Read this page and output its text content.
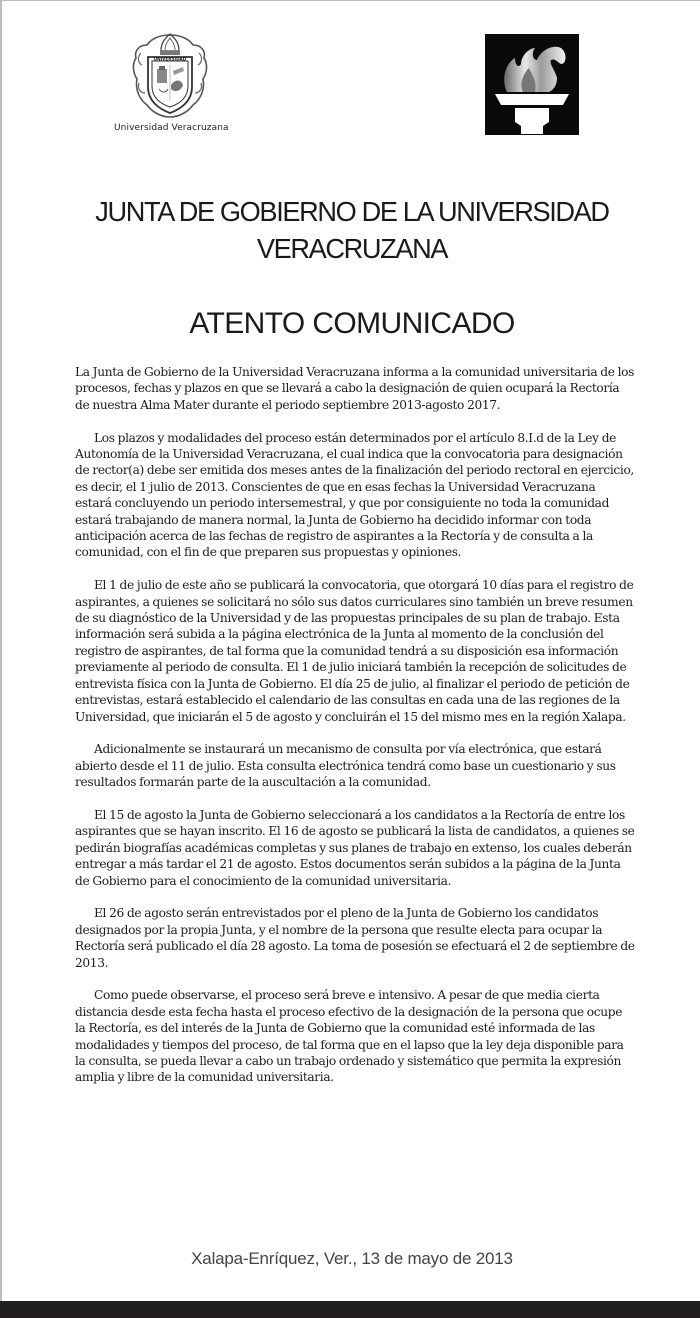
UNIVERSIDAD
Universidad Veracruzana
JUNTA DE GOBIERNO DE LA UNIVERSIDAD
VERACRUZANA
ATENTO COMUNICADO

La Junta de Gobierno de la Universidad Veracruzana informa a la comunidad universitaria de los procesos, fechas y plazos en que se llevará a cabo la designación de quien ocupará la Rectoría de nuestra Alma Mater durante el periodo septiembre 2013-agosto 2017.

Los plazos y modalidades del proceso están determinados por el artículo 8.I.d de la Ley de Autonomía de la Universidad Veracruzana, el cual indica que la convocatoria para designación de rector(a) debe ser emitida dos meses antes de la finalización del periodo rectoral en ejercicio, es decir, el 1 julio de 2013. Conscientes de que en esas fechas la Universidad Veracruzana estará concluyendo un periodo intersemestral, y que por consiguiente no toda la comunidad estará trabajando de manera normal, la Junta de Gobierno ha decidido informar con toda anticipación acerca de las fechas de registro de aspirantes a la Rectoría y de consulta a la comunidad, con el fin de que preparen sus propuestas y opiniones.

El 1 de julio de este año se publicará la convocatoria, que otorgará 10 días para el registro de aspirantes, a quienes se solicitará no sólo sus datos curriculares sino también un breve resumen de su diagnóstico de la Universidad y de las propuestas principales de su plan de trabajo. Esta información será subida a la página electrónica de la Junta al momento de la conclusión del registro de aspirantes, de tal forma que la comunidad tendrá a su disposición esa información previamente al periodo de consulta. El 1 de julio iniciará también la recepción de solicitudes de entrevista física con la Junta de Gobierno. El día 25 de julio, al finalizar el periodo de petición de entrevistas, estará establecido el calendario de las consultas en cada una de las regiones de la Universidad, que iniciarán el 5 de agosto y concluirán el 15 del mismo mes en la región Xalapa.

Adicionalmente se instaurará un mecanismo de consulta por vía electrónica, que estará abierto desde el 11 de julio. Esta consulta electrónica tendrá como base un cuestionario y sus resultados formarán parte de la auscultación a la comunidad.

El 15 de agosto la Junta de Gobierno seleccionará a los candidatos a la Rectoría de entre los aspirantes que se hayan inscrito. El 16 de agosto se publicará la lista de candidatos, a quienes se pedirán biografías académicas completas y sus planes de trabajo en extenso, los cuales deberán entregar a más tardar el 21 de agosto. Estos documentos serán subidos a la página de la Junta de Gobierno para el conocimiento de la comunidad universitaria.

El 26 de agosto serán entrevistados por el pleno de la Junta de Gobierno los candidatos designados por la propia Junta, y el nombre de la persona que resulte electa para ocupar la Rectoría será publicado el día 28 agosto. La toma de posesión se efectuará el 2 de septiembre de 2013.

Como puede observarse, el proceso será breve e intensivo. A pesar de que media cierta distancia desde esta fecha hasta el proceso efectivo de la designación de la persona que ocupe la Rectoría, es del interés de la Junta de Gobierno que la comunidad esté informada de las modalidades y tiempos del proceso, de tal forma que en el lapso que la ley deja disponible para la consulta, se pueda llevar a cabo un trabajo ordenado y sistemático que permita la expresión amplia y libre de la comunidad universitaria.

Xalapa-Enríquez, Ver., 13 de mayo de 2013
